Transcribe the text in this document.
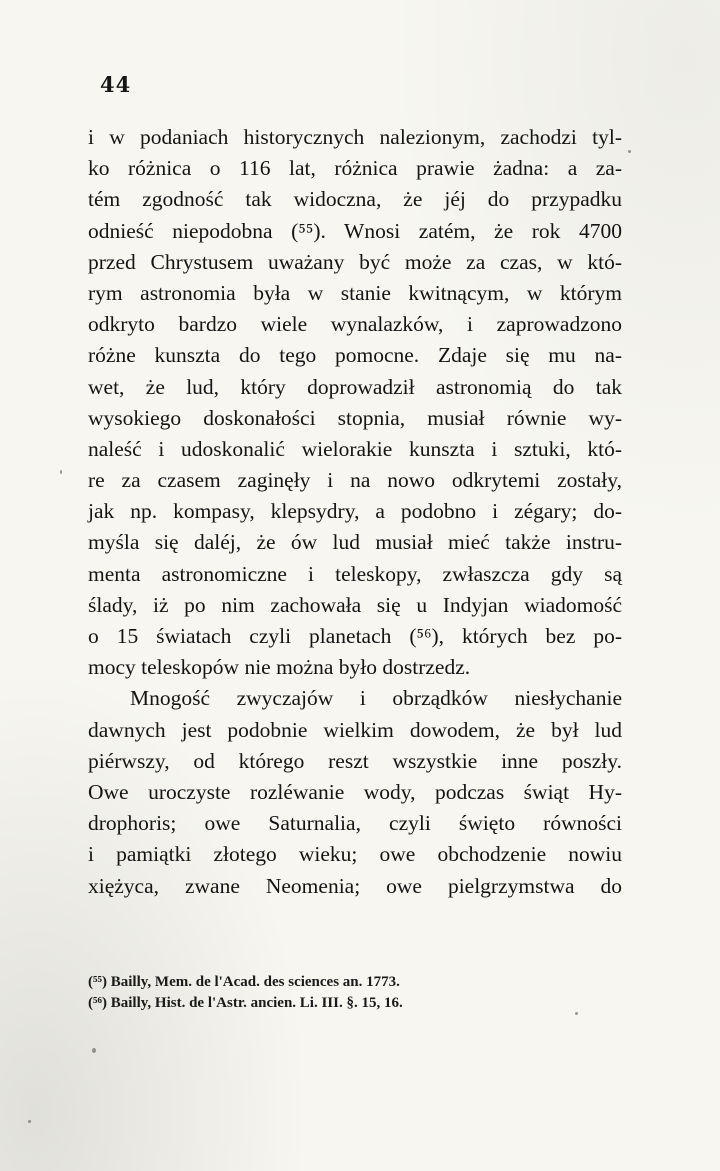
44
i w podaniach historycznych nalezionym, zachodzi tyl-
ko różnica o 116 lat, różnica prawie żadna: a za-
tém zgodność tak widoczna, że jéj do przypadku
odnieść niepodobna (⁵⁵). Wnosi zatém, że rok 4700
przed Chrystusem uważany być może za czas, w któ-
rym astronomia była w stanie kwitnącym, w którym
odkryto bardzo wiele wynalazków, i zaprowadzono
różne kunszta do tego pomocne. Zdaje się mu na-
wet, że lud, który doprowadził astronomią do tak
wysokiego doskonałości stopnia, musiał równie wy-
naleść i udoskonalić wielorakie kunszta i sztuki, któ-
re za czasem zaginęły i na nowo odkrytemi zostały,
jak np. kompasy, klepsydry, a podobno i zégary; do-
myśla się daléj, że ów lud musiał mieć także instru-
menta astronomiczne i teleskopy, zwłaszcza gdy są
ślady, iż po nim zachowała się u Indyjan wiadomość
o 15 światach czyli planetach (⁵⁶), których bez po-
mocy teleskopów nie można było dostrzedz.
Mnogość zwyczajów i obrządków niesłychanie
dawnych jest podobnie wielkim dowodem, że był lud
piérwszy, od którego reszt wszystkie inne poszły.
Owe uroczyste rozléwanie wody, podczas świąt Hy-
drophoris; owe Saturnalia, czyli święto równości
i pamiątki złotego wieku; owe obchodzenie nowiu
xiężyca, zwane Neomenia; owe pielgrzymstwa do
(⁵⁵) Bailly, Mem. de l'Acad. des sciences an. 1773.
(⁵⁶) Bailly, Hist. de l'Astr. ancien. Li. III. §. 15, 16.
